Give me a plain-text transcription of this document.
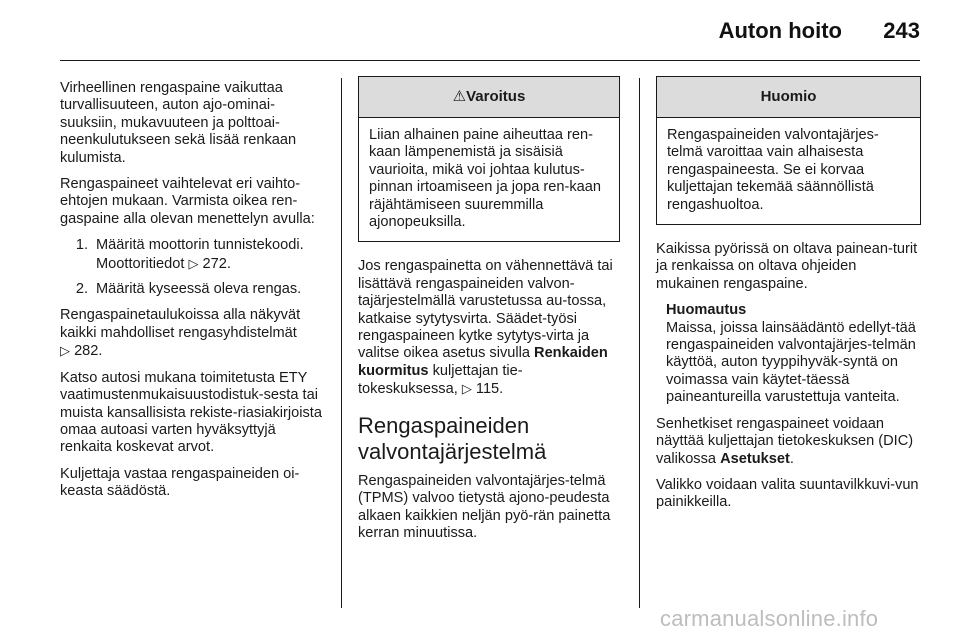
Auton hoito 243

Virheellinen rengaspaine vaikuttaa turvallisuuteen, auton ajo-ominai-suuksiin, mukavuuteen ja polttoai-neenkulutukseen sekä lisää renkaan kulumista.

Rengaspaineet vaihtelevat eri vaihto-ehtojen mukaan. Varmista oikea ren-gaspaine alla olevan menettelyn avulla:

1. Määritä moottorin tunnistekoodi. Moottoritiedot ▷ 272.
2. Määritä kyseessä oleva rengas.

Rengaspainetaulukoissa alla näkyvät kaikki mahdolliset rengasyhdistelmät
▷ 282.

Katso autosi mukana toimitetusta ETY vaatimustenmukaisuustodistuk-sesta tai muista kansallisista rekiste-riasiakirjoista omaa autoasi varten hyväksyttyjä renkaita koskevat arvot.

Kuljettaja vastaa rengaspaineiden oi-keasta säädöstä.

⚠Varoitus
Liian alhainen paine aiheuttaa ren-kaan lämpenemistä ja sisäisiä vaurioita, mikä voi johtaa kulutus-pinnan irtoamiseen ja jopa ren-kaan räjähtämiseen suuremmilla ajonopeuksilla.

Jos rengaspainetta on vähennettävä tai lisättävä rengaspaineiden valvon-tajärjestelmällä varustetussa au-tossa, katkaise sytytysvirta. Säädet-työsi rengaspaineen kytke sytytys-virta ja valitse oikea asetus sivulla Renkaiden kuormitus kuljettajan tie-tokeskuksessa, ▷ 115.

Rengaspaineiden valvontajärjestelmä

Rengaspaineiden valvontajärjes-telmä (TPMS) valvoo tietystä ajono-peudesta alkaen kaikkien neljän pyö-rän painetta kerran minuutissa.

Huomio
Rengaspaineiden valvontajärjes-telmä varoittaa vain alhaisesta rengaspaineesta. Se ei korvaa kuljettajan tekemää säännöllistä rengashuoltoa.

Kaikissa pyörissä on oltava painean-turit ja renkaissa on oltava ohjeiden mukainen rengaspaine.

Huomautus
Maissa, joissa lainsäädäntö edellyt-tää rengaspaineiden valvontajärjes-telmän käyttöä, auton tyyppihyväk-syntä on voimassa vain käytet-täessä paineantureilla varustettuja vanteita.

Senhetkiset rengaspaineet voidaan näyttää kuljettajan tietokeskuksen (DIC) valikossa Asetukset.

Valikko voidaan valita suuntavilkkuvi-vun painikkeilla.

carmanualsonline.info
